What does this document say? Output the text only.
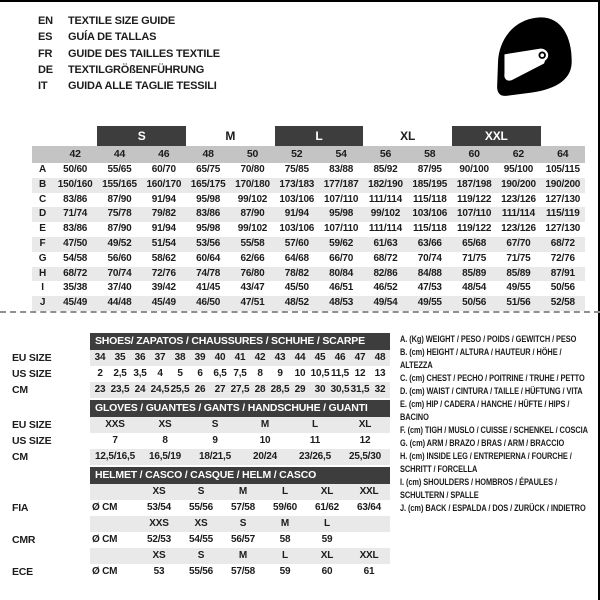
EN	TEXTILE SIZE GUIDE
ES	GUÍA DE TALLAS
FR	GUIDE DES TAILLES TEXTILE
DE	TEXTILGRÖßENFÜHRUNG
IT	GUIDA ALLE TAGLIE TESSILI
		S		M		L		XL		XXL		
	42	44	46	48	50	52	54	56	58	60	62	64
A	50/60	55/65	60/70	65/75	70/80	75/85	83/88	85/92	87/95	90/100	95/100	105/115
B	150/160	155/165	160/170	165/175	170/180	173/183	177/187	182/190	185/195	187/198	190/200	190/200
C	83/86	87/90	91/94	95/98	99/102	103/106	107/110	111/114	115/118	119/122	123/126	127/130
D	71/74	75/78	79/82	83/86	87/90	91/94	95/98	99/102	103/106	107/110	111/114	115/119
E	83/86	87/90	91/94	95/98	99/102	103/106	107/110	111/114	115/118	119/122	123/126	127/130
F	47/50	49/52	51/54	53/56	55/58	57/60	59/62	61/63	63/66	65/68	67/70	68/72
G	54/58	56/60	58/62	60/64	62/66	64/68	66/70	68/72	70/74	71/75	71/75	72/76
H	68/72	70/74	72/76	74/78	76/80	78/82	80/84	82/86	84/88	85/89	85/89	87/91
I	35/38	37/40	39/42	41/45	43/47	45/50	46/51	46/52	47/53	48/54	49/55	50/56
J	45/49	44/48	45/49	46/50	47/51	48/52	48/53	49/54	49/55	50/56	51/56	52/58
	SHOES/ ZAPATOS / CHAUSSURES / SCHUHE / SCARPE														
EU SIZE	34	35	36	37	38	39	40	41	42	43	44	45	46	47	48
US SIZE	2	2,5	3,5	4	5	6	6,5	7,5	8	9	10	10,5	11,5	12	13
CM	23	23,5	24	24,5	25,5	26	27	27,5	28	28,5	29	30	30,5	31,5	32
	GLOVES / GUANTES / GANTS / HANDSCHUHE / GUANTI					
EU SIZE	XXS	XS	S	M	L	XL
US SIZE	7	8	9	10	11	12
CM	12,5/16,5	16,5/19	18/21,5	20/24	23/26,5	25,5/30
	HELMET / CASCO / CASQUE / HELM / CASCO						
		XS	S	M	L	XL	XXL
FIA	Ø CM	53/54	55/56	57/58	59/60	61/62	63/64
		XXS	XS	S	M	L	
CMR	Ø CM	52/53	54/55	56/57	58	59	
		XS	S	M	L	XL	XXL
ECE	Ø CM	53	55/56	57/58	59	60	61
A. (Kg) WEIGHT / PESO / POIDS / GEWITCH / PESO
B. (cm) HEIGHT / ALTURA / HAUTEUR / HÖHE / ALTEZZA
C. (cm) CHEST / PECHO / POITRINE / TRUHE / PETTO
D. (cm) WAIST / CINTURA / TAILLE / HÜFTUNG / VITA
E. (cm) HIP / CADERA / HANCHE / HÜFTE / HIPS / BACINO
F. (cm) TIGH / MUSLO / CUISSE / SCHENKEL / COSCIA
G. (cm) ARM / BRAZO / BRAS / ARM / BRACCIO
H. (cm) INSIDE LEG / ENTREPIERNA / FOURCHE / SCHRITT / FORCELLA
I. (cm) SHOULDERS / HOMBROS / ÉPAULES / SCHULTERN / SPALLE
J. (cm) BACK / ESPALDA / DOS / ZURÜCK / INDIETRO
